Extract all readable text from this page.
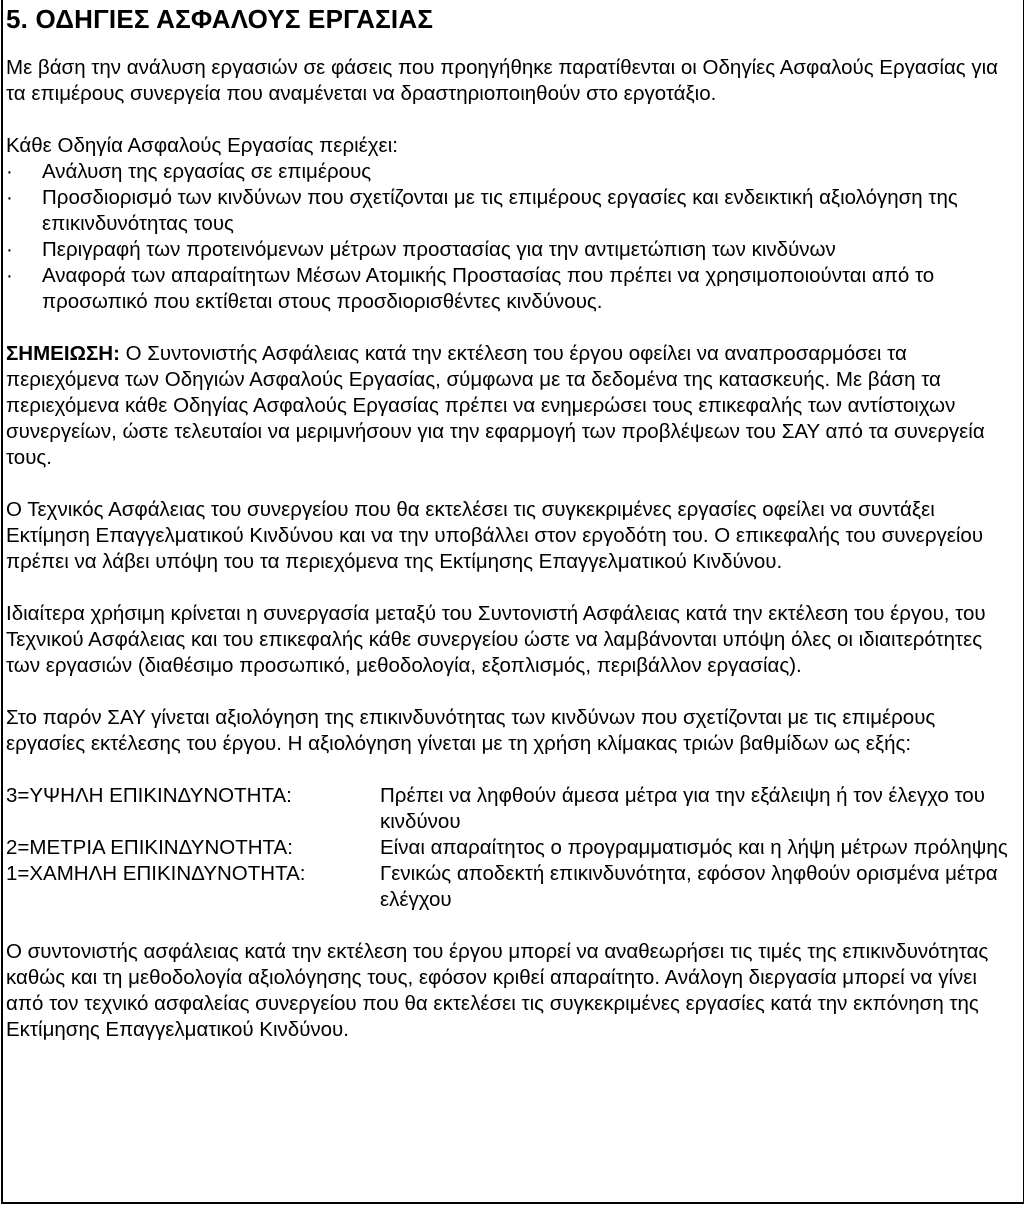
5. ΟΔΗΓΙΕΣ ΑΣΦΑΛΟΥΣ ΕΡΓΑΣΙΑΣ

Με βάση την ανάλυση εργασιών σε φάσεις που προηγήθηκε παρατίθενται οι Οδηγίες Ασφαλούς Εργασίας για τα επιμέρους συνεργεία που αναμένεται να δραστηριοποιηθούν στο εργοτάξιο.

Κάθε Οδηγία Ασφαλούς Εργασίας περιέχει:

·	Ανάλυση της εργασίας σε επιμέρους
·	Προσδιορισμό των κινδύνων που σχετίζονται με τις επιμέρους εργασίες και ενδεικτική αξιολόγηση της επικινδυνότητας τους
·	Περιγραφή των προτεινόμενων μέτρων προστασίας για την αντιμετώπιση των κινδύνων
·	Αναφορά των απαραίτητων Μέσων Ατομικής Προστασίας που πρέπει να χρησιμοποιούνται από το προσωπικό που εκτίθεται στους προσδιορισθέντες κινδύνους.

ΣΗΜΕΙΩΣΗ: Ο Συντονιστής Ασφάλειας κατά την εκτέλεση του έργου οφείλει να αναπροσαρμόσει τα περιεχόμενα των Οδηγιών Ασφαλούς Εργασίας, σύμφωνα με τα δεδομένα της κατασκευής. Με βάση τα περιεχόμενα κάθε Οδηγίας Ασφαλούς Εργασίας πρέπει να ενημερώσει τους επικεφαλής των αντίστοιχων συνεργείων, ώστε τελευταίοι να μεριμνήσουν για την εφαρμογή των προβλέψεων του ΣΑΥ από τα συνεργεία τους.

Ο Τεχνικός Ασφάλειας του συνεργείου που θα εκτελέσει τις συγκεκριμένες εργασίες οφείλει να συντάξει Εκτίμηση Επαγγελματικού Κινδύνου και να την υποβάλλει στον εργοδότη του. Ο επικεφαλής του συνεργείου πρέπει να λάβει υπόψη του τα περιεχόμενα της Εκτίμησης Επαγγελματικού Κινδύνου.

Ιδιαίτερα χρήσιμη κρίνεται η συνεργασία μεταξύ του Συντονιστή Ασφάλειας κατά την εκτέλεση του έργου, του Τεχνικού Ασφάλειας και του επικεφαλής κάθε συνεργείου ώστε να λαμβάνονται υπόψη όλες οι ιδιαιτερότητες των εργασιών (διαθέσιμο προσωπικό, μεθοδολογία, εξοπλισμός, περιβάλλον εργασίας).

Στο παρόν ΣΑΥ γίνεται αξιολόγηση της επικινδυνότητας των κινδύνων που σχετίζονται με τις επιμέρους εργασίες εκτέλεσης του έργου. Η αξιολόγηση γίνεται με τη χρήση κλίμακας τριών βαθμίδων ως εξής:

3=ΥΨΗΛΗ ΕΠΙΚΙΝΔΥΝΟΤΗΤΑ:	Πρέπει να ληφθούν άμεσα μέτρα για την εξάλειψη ή τον έλεγχο του κινδύνου
2=ΜΕΤΡΙΑ ΕΠΙΚΙΝΔΥΝΟΤΗΤΑ:	Είναι απαραίτητος ο προγραμματισμός και η λήψη μέτρων πρόληψης
1=ΧΑΜΗΛΗ ΕΠΙΚΙΝΔΥΝΟΤΗΤΑ:	Γενικώς αποδεκτή επικινδυνότητα, εφόσον ληφθούν ορισμένα μέτρα ελέγχου

Ο συντονιστής ασφάλειας κατά την εκτέλεση του έργου μπορεί να αναθεωρήσει τις τιμές της επικινδυνότητας καθώς και τη μεθοδολογία αξιολόγησης τους, εφόσον κριθεί απαραίτητο. Ανάλογη διεργασία μπορεί να γίνει από τον τεχνικό ασφαλείας συνεργείου που θα εκτελέσει τις συγκεκριμένες εργασίες κατά την εκπόνηση της Εκτίμησης Επαγγελματικού Κινδύνου.
